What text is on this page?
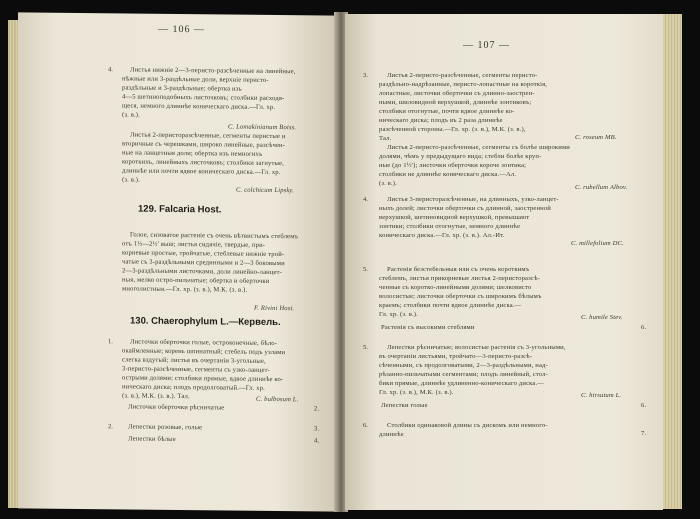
— 106 —
4.	Листья нижніе 2—3-перисто-разсѣченные на линейные,
нѣжные или 3-раздѣльные доли, верхніе перисто-
раздѣльные и 3-раздѣльные; обертка изъ
4—5 шетиноподобныхъ листочковъ; столбики расходя-
щеся, немного длиннѣе коническаго диска.—Гл. хр.
(з. в.).
C. Lomakinianum Boiss.
Листья 2-перисторазсѣченные, сегменты перистые и
вторичные съ черешками, широко линейные, разсѣчен-
ные на ланцетныя доли; обертка изъ немногихъ
короткихъ, линейныхъ листочковъ; столбики загнутые,
длиннѣе или почти вдвое коническаго диска.—Гл. хр.
(з. в.).
C. colchicum Lipsky.
129. Falcaria Host.
Голое, сизоватое растеніе съ очень вѣтвистымъ стеблемъ
отъ 1½—2½' выш; листья сидячіе, твердые, при-
корневые простые, тройчатые, стеблевые нижніе трой-
чатые съ 3-раздѣльными срединными и 2—3 боковыми
2—3-раздѣльными листочками, доли линейно-ланцет-
ныя, мелко остро-пильчатые; обертка и оберточки
многолистныя.—Гл. хр. (з. в.), М.К. (з. в.).
F. Rivini Host.
130. Chaerophylum L.—Кервель.
1.	Листочки оберточки голые, остроконечные, бѣло-
окаймленные; корень шпинатный; стебель подъ узлами
слегка вздутый; листья въ очертаніи 3-угольные,
3-перисто-разсѣченные, сегменты съ узко-ланцет-
острыми долями; столбики прямые, вдвое длиннѣе ко-
ническаго диска; плодъ продолговатый.—Гл. хр.
(з. в.), М.К. (з. в.). Тал.	C. bulbosum L.
Листочки оберточки рѣсничатые	2.
2. Лепестки розовые, голые	3.
Лепестки бѣлые	4.
— 107 —
3.	Листья 2-перисто-разсѣченные, сегменты перисто-
раздѣльно-надрѣзанные, перисто-лопастные на короткія,
лопастные, листочки оберточки съ длинно-заострен-
ными, шиловидной верхушкой, длиннѣе зонтиковъ;
столбики отогнутые, почти вдвое длиннѣе ко-
ническаго диска; плодъ въ 2 раза длиннѣе
разсѣченной стороны.—Гл. хр. (з. в.), М.К. (з. в.),
Тал.	C. roseum MB.
Листья 2-перисто-разсѣченные, сегменты съ болѣе широкими
долями, чѣмъ у предыдущаго вида; стебли болѣе круп-
ные (до 1½'); листочки оберточки короче зонтика;
столбики не длиннѣе коническаго диска.—Ал.
(з. в.).
C. rubellum Albov.
4.	Листья 3-перисторазсѣченные, на длинныхъ, узко-ланцет-
ныхъ долей; листочки оберточки съ длинной, заостренной
верхушкой, шетиновидной верхушкой, превышают
зонтики; столбики отогнутые, немного длиннѣе
коническаго диска.—Гл. хр. (з. в.). Ал.-Ит.
C. millefolium DC.
5.	Растенія безстебельныя или съ очень короткимъ
стеблемъ, листья прикорневые листья 2-перисторазсѣ-
ченные съ коротко-линейными долями; шелковисто
волосистые; листочки оберточки съ широкимъ бѣлымъ
краемъ; столбики почти вдвое длиннѣе диска.—
Гл. хр. (з. в.).	C. humile Stev.
Растенія съ высокими стеблями	6.
5.	Лепестки рѣсничатые; волосистые растенія съ 3-угольными,
въ очертаніи листьями, тройчато—3-перисто-разсѣ-
сѣченными, съ продолговатыми, 2—3-раздѣльными, над-
рѣзанно-пильчатыми сегментами; плодъ линейный, стол-
бики прямые, длиннѣе удлиненно-коническаго диска.—
Гл. хр. (з. в.), М.К. (з. в.).	C. hirsutum L.
Лепестки голые	6.
6.	Столбики одинаковой длины съ дискомъ или немного-
длиннѣе	7.
